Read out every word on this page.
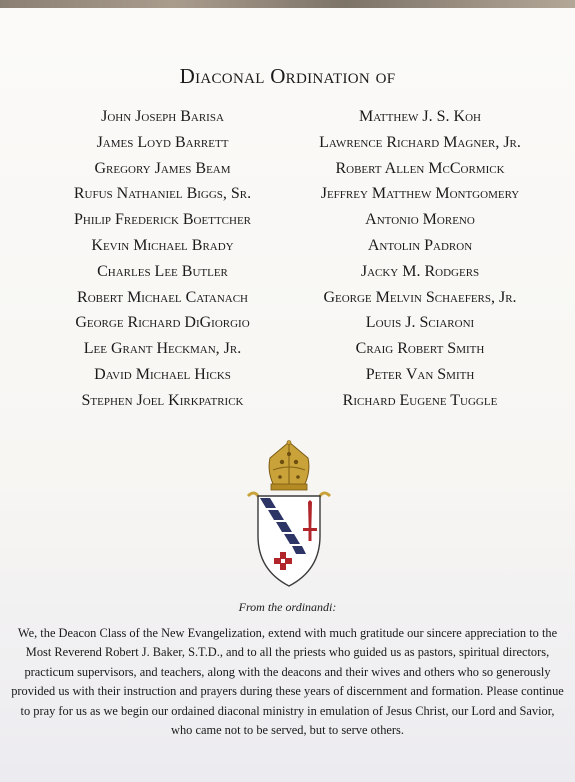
Diaconal Ordination of
John Joseph Barisa
James Loyd Barrett
Gregory James Beam
Rufus Nathaniel Biggs, Sr.
Philip Frederick Boettcher
Kevin Michael Brady
Charles Lee Butler
Robert Michael Catanach
George Richard DiGiorgio
Lee Grant Heckman, Jr.
David Michael Hicks
Stephen Joel Kirkpatrick
Matthew J. S. Koh
Lawrence Richard Magner, Jr.
Robert Allen McCormick
Jeffrey Matthew Montgomery
Antonio Moreno
Antolin Padron
Jacky M. Rodgers
George Melvin Schaefers, Jr.
Louis J. Sciaroni
Craig Robert Smith
Peter Van Smith
Richard Eugene Tuggle
From the ordinandi:
We, the Deacon Class of the New Evangelization, extend with much gratitude our sincere appreciation to the Most Reverend Robert J. Baker, S.T.D., and to all the priests who guided us as pastors, spiritual directors, practicum supervisors, and teachers, along with the deacons and their wives and others who so generously provided us with their instruction and prayers during these years of discernment and formation. Please continue to pray for us as we begin our ordained diaconal ministry in emulation of Jesus Christ, our Lord and Savior, who came not to be served, but to serve others.
